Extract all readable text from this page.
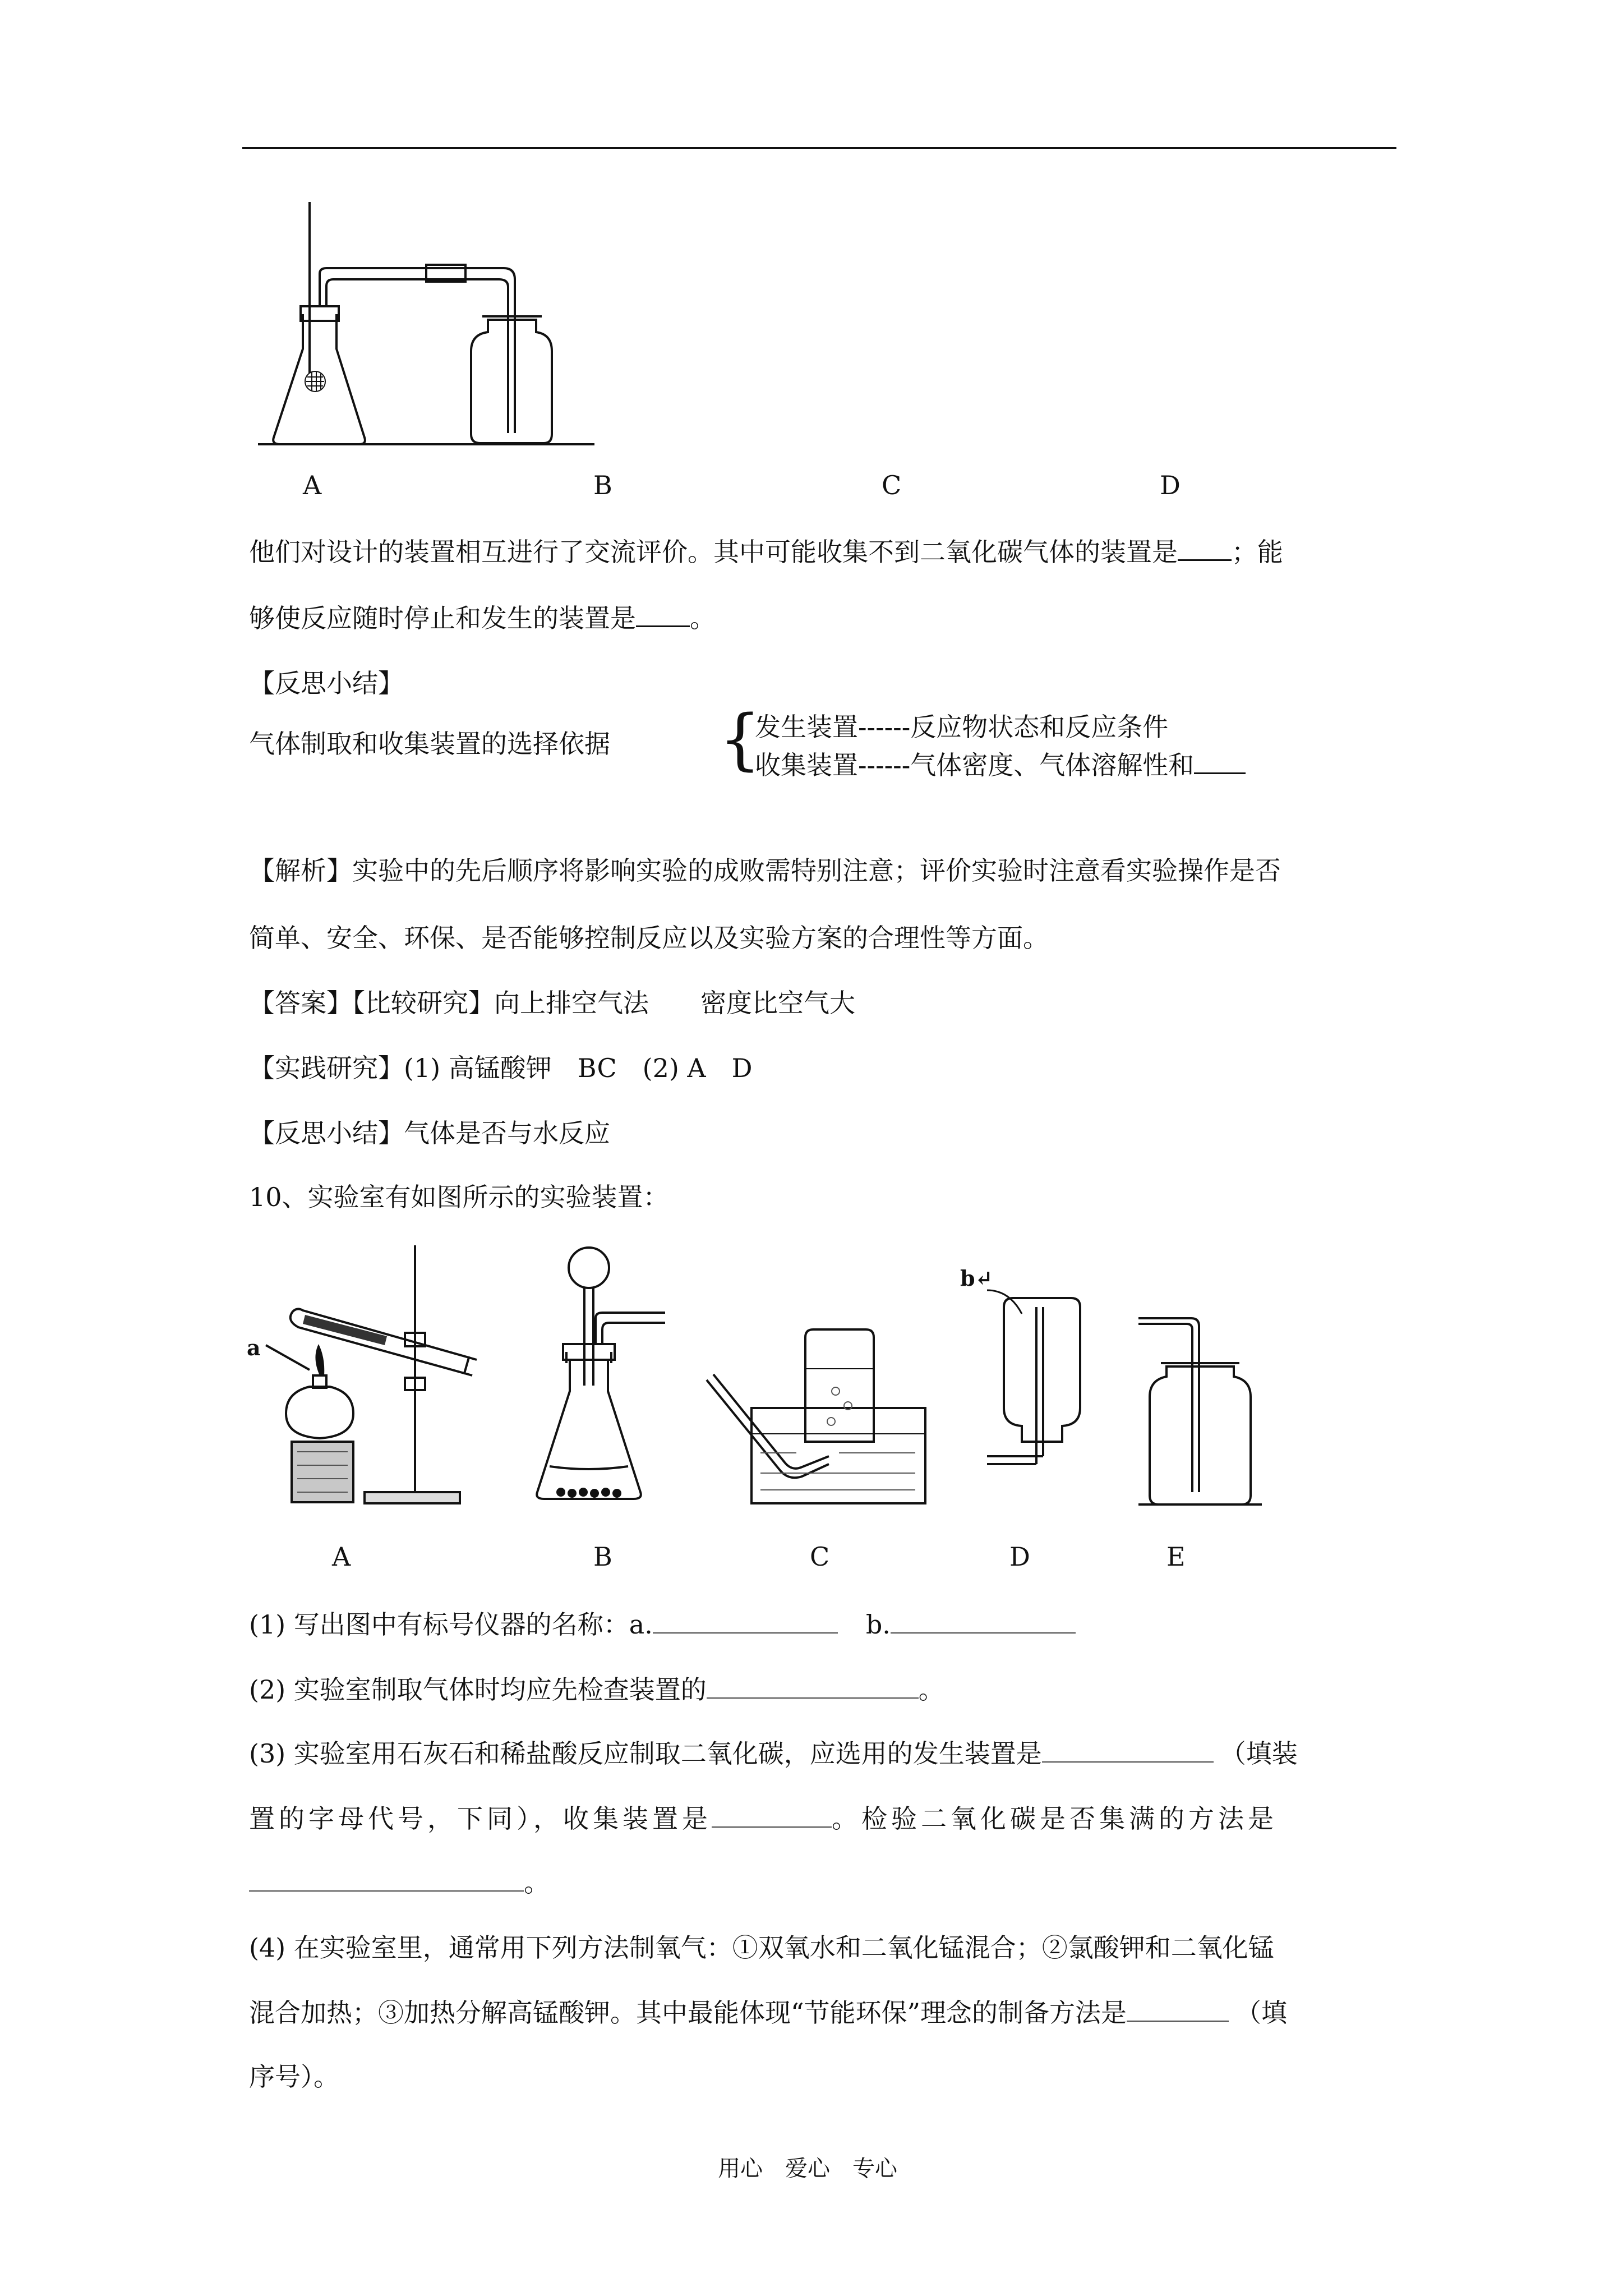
A	B	C	D
他们对设计的装置相互进行了交流评价。其中可能收集不到二氧化碳气体的装置是 ；能
够使反应随时停止和发生的装置是 。
【反思小结】
气体制取和收集装置的选择依据 {
发生装置------反应物状态和反应条件
收集装置------气体密度、气体溶解性和
【解析】实验中的先后顺序将影响实验的成败需特别注意；评价实验时注意看实验操作是否
简单、安全、环保、是否能够控制反应以及实验方案的合理性等方面。
【答案】【比较研究】向上排空气法　　密度比空气大
【实践研究】(1) 高锰酸钾　BC　(2) A　D
【反思小结】气体是否与水反应
10、实验室有如图所示的实验装置：
a
b↵
A	B	C	D	E
(1) 写出图中有标号仪器的名称：a.	b.
(2) 实验室制取气体时均应先检查装置的	。
(3) 实验室用石灰石和稀盐酸反应制取二氧化碳，应选用的发生装置是	（填装
置的字母代号，下同），收集装置是	。检验二氧化碳是否集满的方法是
。
(4) 在实验室里，通常用下列方法制氧气：①双氧水和二氧化锰混合；②氯酸钾和二氧化锰
混合加热；③加热分解高锰酸钾。其中最能体现“节能环保”理念的制备方法是	（填
序号）。
用心　爱心　专心
